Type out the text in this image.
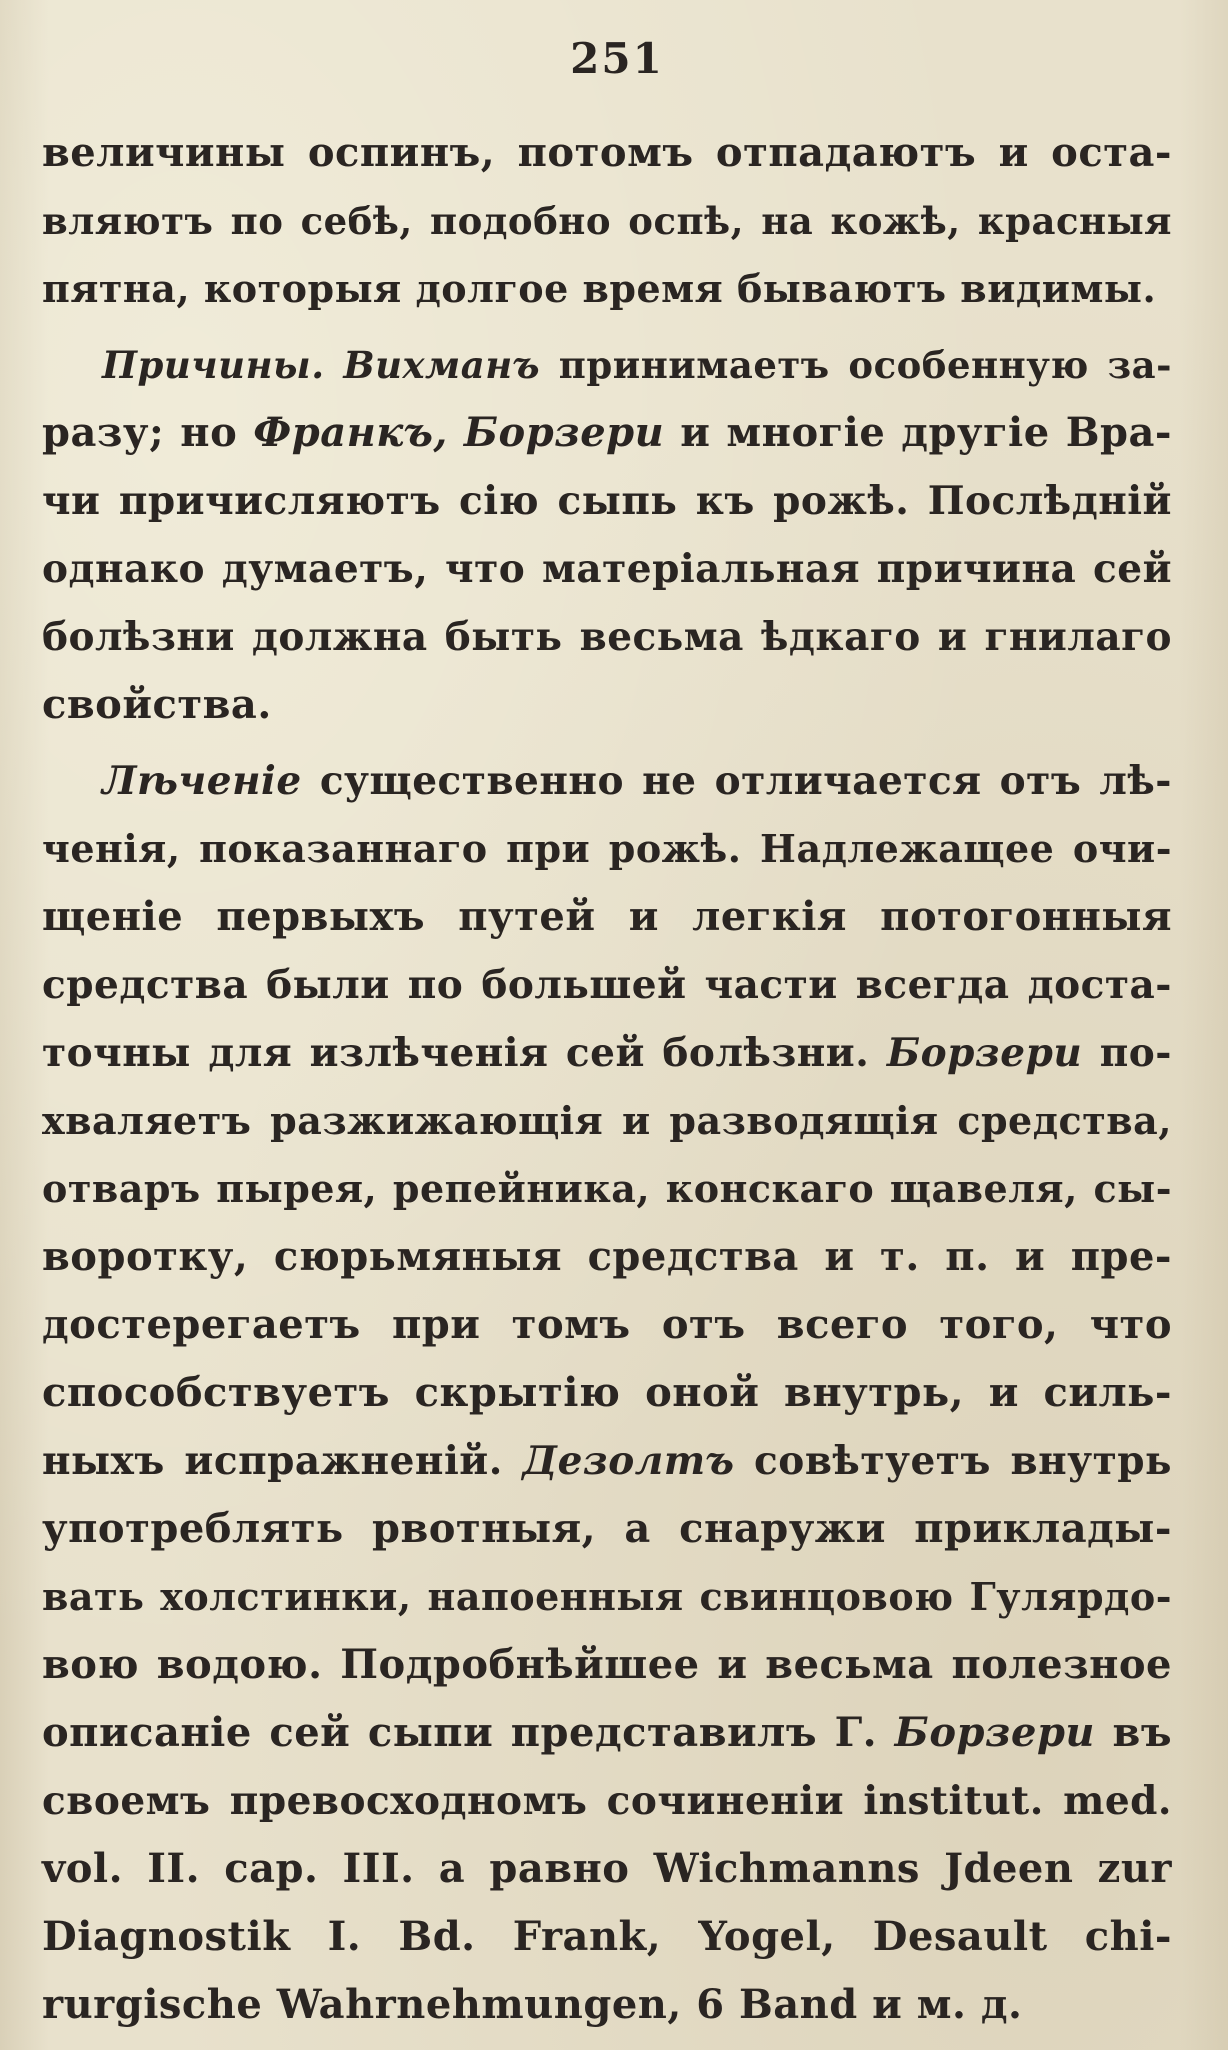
251
величины оспинъ, потомъ отпадаютъ и оста-
вляютъ по себѣ, подобно оспѣ, на кожѣ, красныя
пятна, которыя долгое время бываютъ видимы.
Причины. Вихманъ принимаетъ особенную за-
разу; но Франкъ, Борзери и многіе другіе Вра-
чи причисляютъ сію сыпь къ рожѣ. Послѣдній
однако думаетъ, что матеріальная причина сей
болѣзни должна быть весьма ѣдкаго и гнилаго
свойства.
Лѣченіе существенно не отличается отъ лѣ-
ченія, показаннаго при рожѣ. Надлежащее очи-
щеніе первыхъ путей и легкія потогонныя
средства были по большей части всегда доста-
точны для излѣченія сей болѣзни. Борзери по-
хваляетъ разжижающія и разводящія средства,
отваръ пырея, репейника, конскаго щавеля, сы-
воротку, сюрьмяныя средства и т. п. и пре-
достерегаетъ при томъ отъ всего того, что
способствуетъ скрытію оной внутрь, и силь-
ныхъ испражненій. Дезолтъ совѣтуетъ внутрь
употреблять рвотныя, а снаружи приклады-
вать холстинки, напоенныя свинцовою Гулярдо-
вою водою. Подробнѣйшее и весьма полезное
описаніе сей сыпи представилъ Г. Борзери въ
своемъ превосходномъ сочиненіи institut. med.
vol. II. cap. III. а равно Wichmanns Jdeen zur
Diagnostik I. Bd. Frank, Yogel, Desault chi-
rurgische Wahrnehmungen, 6 Band и м. д.
